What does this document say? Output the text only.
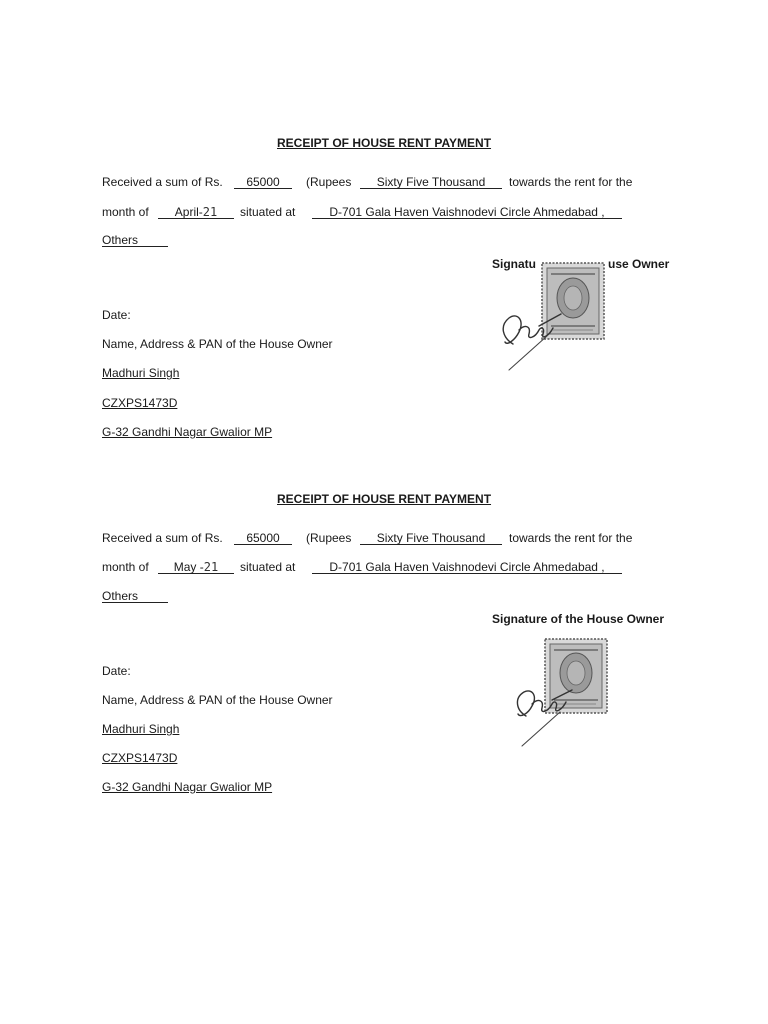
RECEIPT OF HOUSE RENT PAYMENT
Received a sum of Rs.	65000	(Rupees	Sixty Five Thousand	towards the rent for the
month of	April-21	situated at	D-701 Gala Haven Vaishnodevi Circle Ahmedabad ,
Others
Signatu	use Owner
Date:
Name, Address & PAN of the House Owner
Madhuri Singh
CZXPS1473D
G-32 Gandhi Nagar Gwalior MP
RECEIPT OF HOUSE RENT PAYMENT
Received a sum of Rs.	65000	(Rupees	Sixty Five Thousand	towards the rent for the
month of	May -21	situated at	D-701 Gala Haven Vaishnodevi Circle Ahmedabad ,
Others
Signature of the House Owner
Date:
Name, Address & PAN of the House Owner
Madhuri Singh
CZXPS1473D
G-32 Gandhi Nagar Gwalior MP
